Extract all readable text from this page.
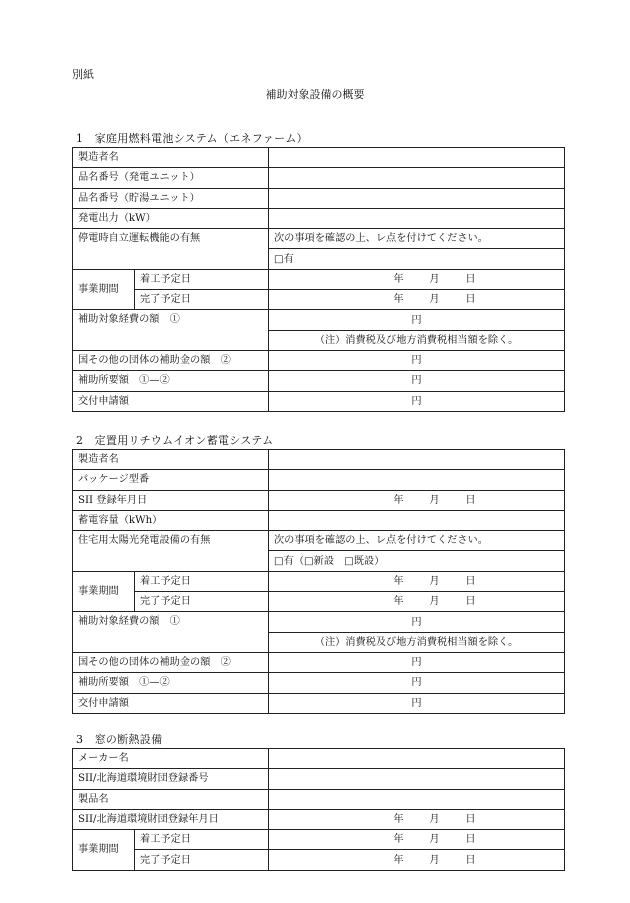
別紙
補助対象設備の概要
1　家庭用燃料電池システム（エネファーム）
製造者名		
品名番号（発電ユニット）		
品名番号（貯湯ユニット）		
発電出力（kW）		
停電時自立運転機能の有無		次の事項を確認の上、レ点を付けてください。
		□有
事業期間	着工予定日	年 月 日
	完了予定日	年 月 日
補助対象経費の額　①		円
		（注）消費税及び地方消費税相当額を除く。
国その他の団体の補助金の額　②		円
補助所要額　①—②		円
交付申請額		円
2　定置用リチウムイオン蓄電システム
製造者名		
パッケージ型番		
SII 登録年月日		年 月 日
蓄電容量（kWh）		
住宅用太陽光発電設備の有無		次の事項を確認の上、レ点を付けてください。
		□有（□新設　□既設）
事業期間	着工予定日	年 月 日
	完了予定日	年 月 日
補助対象経費の額　①		円
		（注）消費税及び地方消費税相当額を除く。
国その他の団体の補助金の額　②		円
補助所要額　①—②		円
交付申請額		円
3　窓の断熱設備
メーカー名		
SII/北海道環境財団登録番号		
製品名		
SII/北海道環境財団登録年月日		年 月 日
事業期間	着工予定日	年 月 日
	完了予定日	年 月 日
